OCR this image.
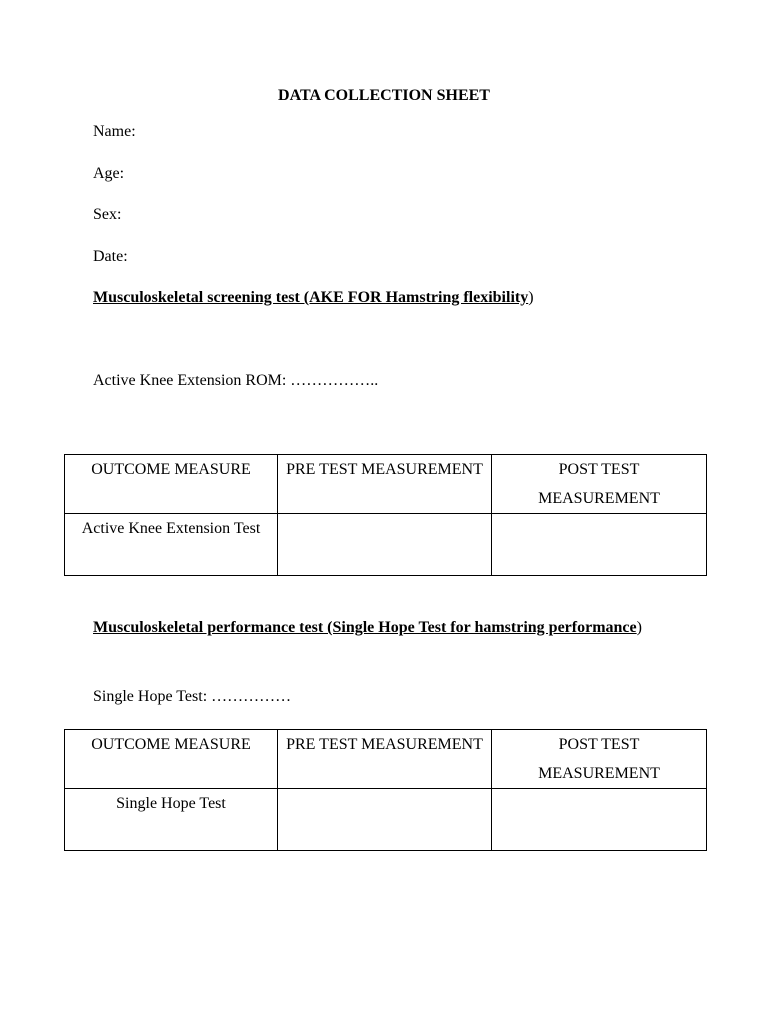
DATA COLLECTION SHEET
Name:
Age:
Sex:
Date:
Musculoskeletal screening test (AKE FOR Hamstring flexibility)
Active Knee Extension ROM: ……………..
OUTCOME MEASURE	PRE TEST MEASUREMENT	POST TEST MEASUREMENT
Active Knee Extension Test		
Musculoskeletal performance test (Single Hope Test for hamstring performance)
Single Hope Test: ……………
OUTCOME MEASURE	PRE TEST MEASUREMENT	POST TEST MEASUREMENT
Single Hope Test		
